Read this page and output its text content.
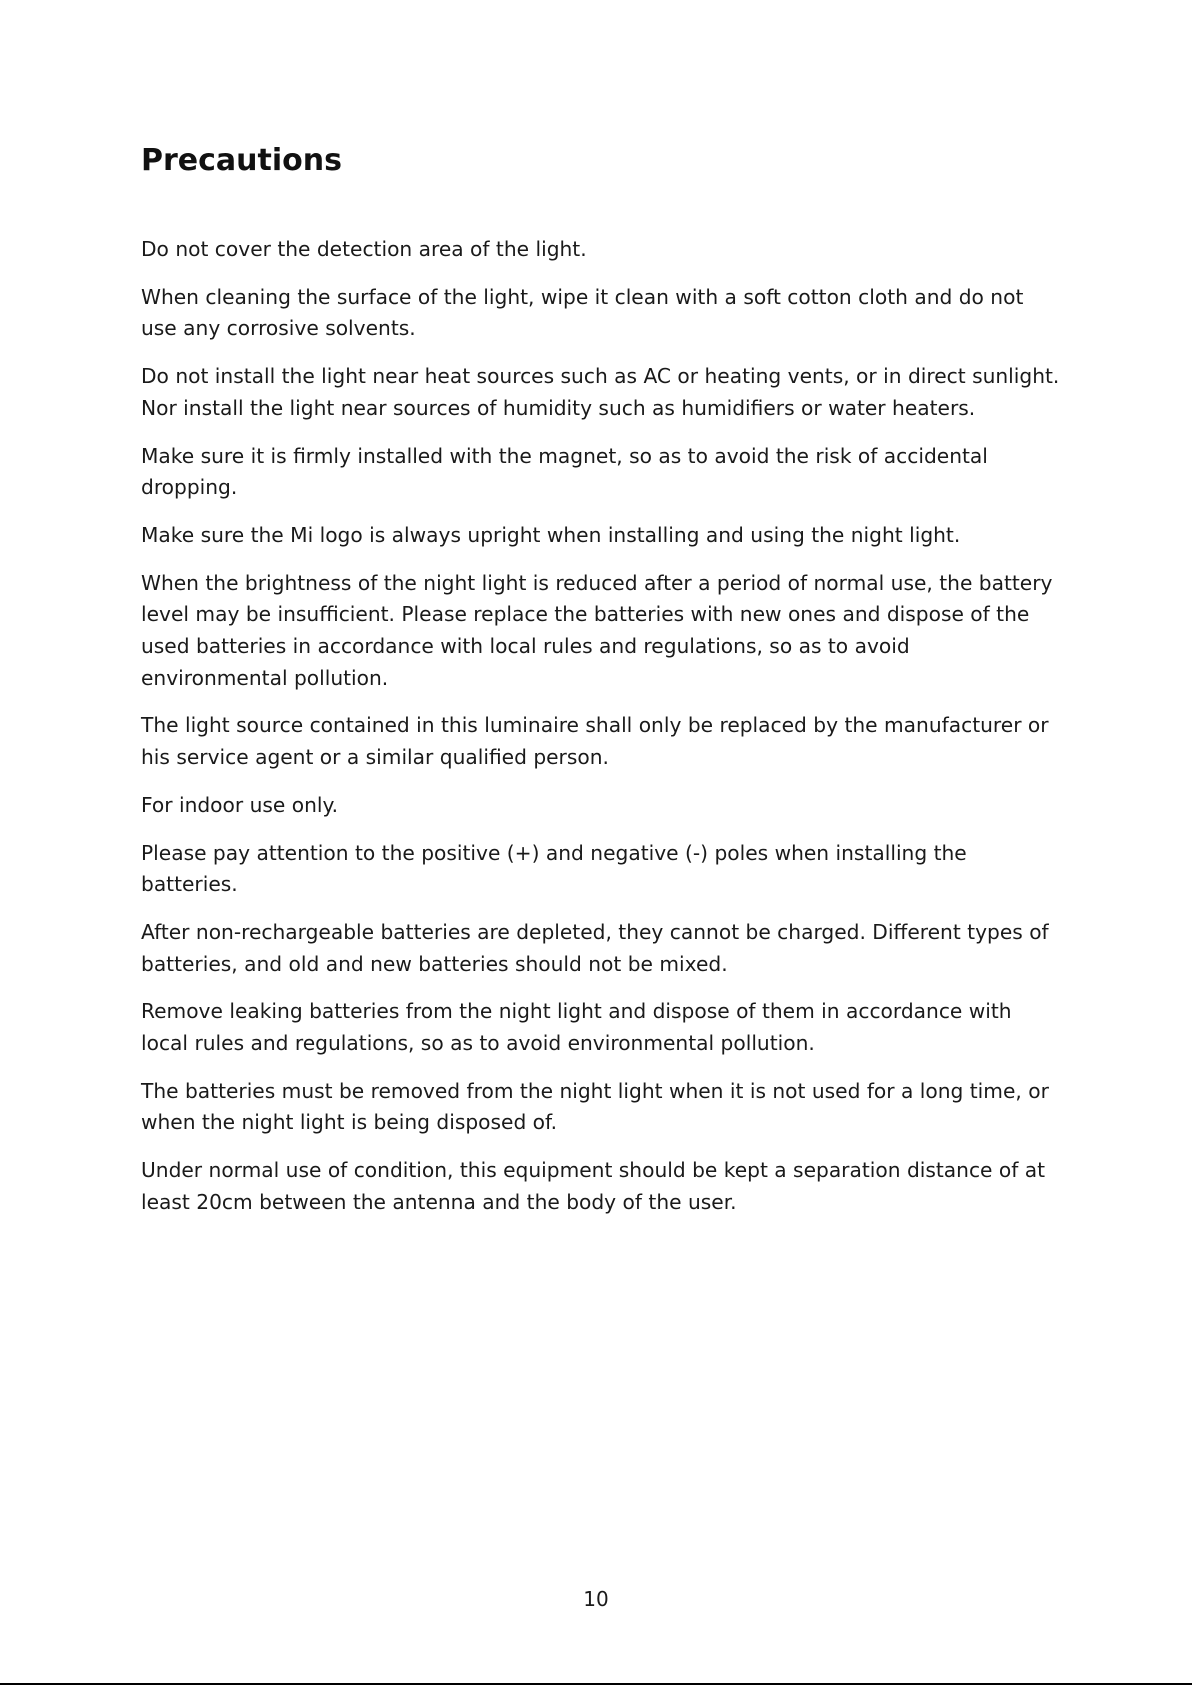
Precautions

Do not cover the detection area of the light.

When cleaning the surface of the light, wipe it clean with a soft cotton cloth and do not use any corrosive solvents.

Do not install the light near heat sources such as AC or heating vents, or in direct sunlight. Nor install the light near sources of humidity such as humidifiers or water heaters.

Make sure it is firmly installed with the magnet, so as to avoid the risk of accidental dropping.

Make sure the Mi logo is always upright when installing and using the night light.

When the brightness of the night light is reduced after a period of normal use, the battery level may be insufficient. Please replace the batteries with new ones and dispose of the used batteries in accordance with local rules and regulations, so as to avoid environmental pollution.

The light source contained in this luminaire shall only be replaced by the manufacturer or his service agent or a similar qualified person.

For indoor use only.

Please pay attention to the positive (+) and negative (-) poles when installing the batteries.

After non-rechargeable batteries are depleted, they cannot be charged. Different types of batteries, and old and new batteries should not be mixed.

Remove leaking batteries from the night light and dispose of them in accordance with local rules and regulations, so as to avoid environmental pollution.

The batteries must be removed from the night light when it is not used for a long time, or when the night light is being disposed of.

Under normal use of condition, this equipment should be kept a separation distance of at least 20cm between the antenna and the body of the user.

10
